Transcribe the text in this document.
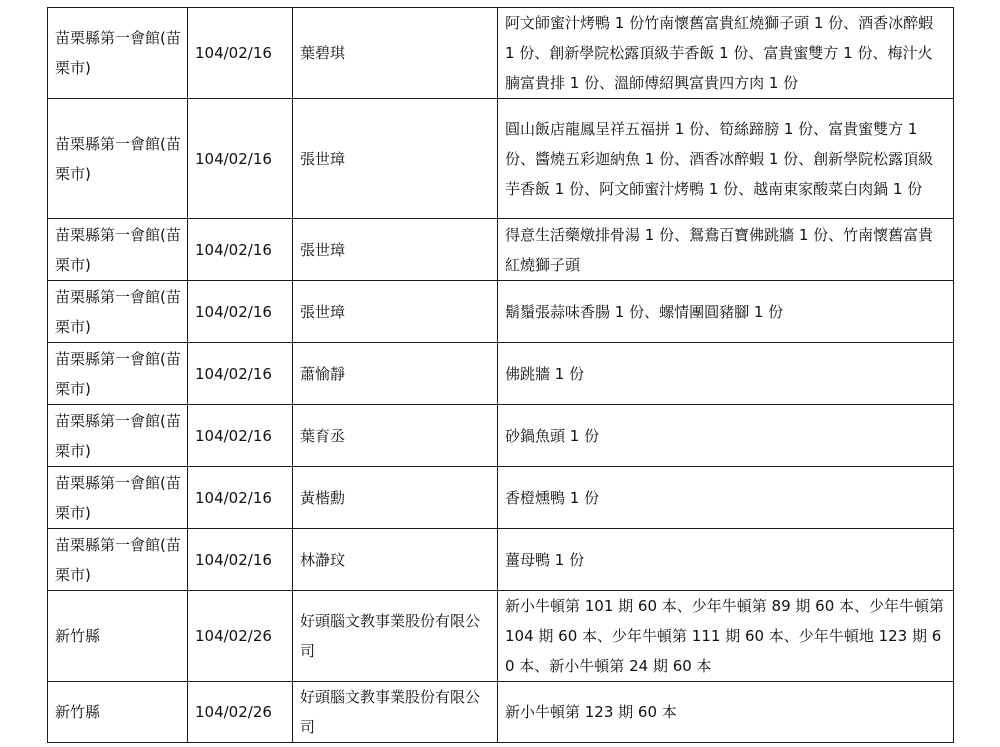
苗栗縣第一會館(苗栗市)	104/02/16	葉碧琪	阿文師蜜汁烤鴨 1 份竹南懷舊富貴紅燒獅子頭 1 份、酒香冰醉蝦 1 份、創新學院松露頂級芋香飯 1 份、富貴蜜雙方 1 份、梅汁火腩富貴排 1 份、溫師傅紹興富貴四方肉 1 份
苗栗縣第一會館(苗栗市)	104/02/16	張世璋	圓山飯店龍鳳呈祥五福拼 1 份、筍絲蹄膀 1 份、富貴蜜雙方 1 份、醬燒五彩迦納魚 1 份、酒香冰醉蝦 1 份、創新學院松露頂級芋香飯 1 份、阿文師蜜汁烤鴨 1 份、越南東家酸菜白肉鍋 1 份
苗栗縣第一會館(苗栗市)	104/02/16	張世璋	得意生活藥燉排骨湯 1 份、鴛鴦百寶佛跳牆 1 份、竹南懷舊富貴紅燒獅子頭
苗栗縣第一會館(苗栗市)	104/02/16	張世璋	鬍鬚張蒜味香腸 1 份、螺情團圓豬腳 1 份
苗栗縣第一會館(苗栗市)	104/02/16	蕭愉靜	佛跳牆 1 份
苗栗縣第一會館(苗栗市)	104/02/16	葉育丞	砂鍋魚頭 1 份
苗栗縣第一會館(苗栗市)	104/02/16	黃楷勳	香橙燻鴨 1 份
苗栗縣第一會館(苗栗市)	104/02/16	林瀞玟	薑母鴨 1 份
新竹縣	104/02/26	好頭腦文教事業股份有限公司	新小牛頓第 101 期 60 本、少年牛頓第 89 期 60 本、少年牛頓第 104 期 60 本、少年牛頓第 111 期 60 本、少年牛頓地 123 期 60 本、新小牛頓第 24 期 60 本
新竹縣	104/02/26	好頭腦文教事業股份有限公司	新小牛頓第 123 期 60 本
